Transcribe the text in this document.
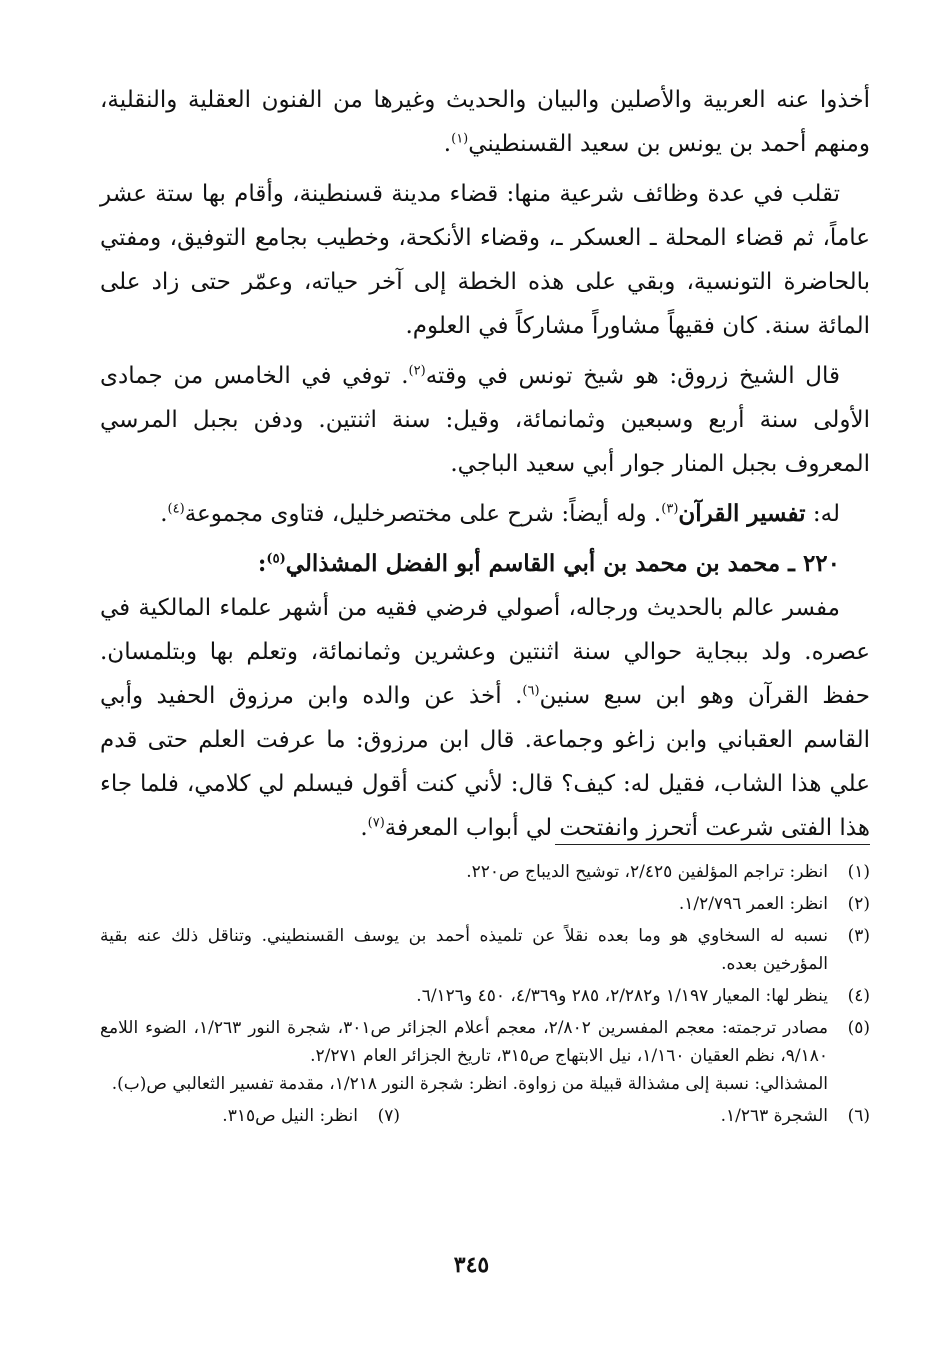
أخذوا عنه العربية والأصلين والبيان والحديث وغيرها من الفنون العقلية والنقلية، ومنهم أحمد بن يونس بن سعيد القسنطيني$^{(١)}$.

تقلب في عدة وظائف شرعية منها: قضاء مدينة قسنطينة، وأقام بها ستة عشر عاماً، ثم قضاء المحلة ـ العسكر ـ، وقضاء الأنكحة، وخطيب بجامع التوفيق، ومفتي بالحاضرة التونسية، وبقي على هذه الخطة إلى آخر حياته، وعمّر حتى زاد على المائة سنة. كان فقيهاً مشاوراً مشاركاً في العلوم.

قال الشيخ زروق: هو شيخ تونس في وقته$^{(٢)}$. توفي في الخامس من جمادى الأولى سنة أربع وسبعين وثمانمائة، وقيل: سنة اثنتين. ودفن بجبل المرسي المعروف بجبل المنار جوار أبي سعيد الباجي.

له: تفسير القرآن$^{(٣)}$. وله أيضاً: شرح على مختصرخليل، فتاوى مجموعة$^{(٤)}$.

٢٢٠ ـ محمد بن محمد بن أبي القاسم أبو الفضل المشذالي$^{(٥)}$:

مفسر عالم بالحديث ورجاله، أصولي فرضي فقيه من أشهر علماء المالكية في عصره. ولد ببجاية حوالي سنة اثنتين وعشرين وثمانمائة، وتعلم بها وبتلمسان. حفظ القرآن وهو ابن سبع سنين$^{(٦)}$. أخذ عن والده وابن مرزوق الحفيد وأبي القاسم العقباني وابن زاغو وجماعة. قال ابن مرزوق: ما عرفت العلم حتى قدم علي هذا الشاب، فقيل له: كيف؟ قال: لأني كنت أقول فيسلم لي كلامي، فلما جاء هذا الفتى شرعت أتحرز وانفتحت لي أبواب المعرفة$^{(٧)}$.

(١)
انظر: تراجم المؤلفين ٢/٤٢٥، توشيح الديباج ص٢٢٠.
(٢)
انظر: العمر ١/٢/٧٩٦.
(٣)
نسبه له السخاوي هو وما بعده نقلاً عن تلميذه أحمد بن يوسف القسنطيني. وتناقل ذلك عنه بقية المؤرخين بعده.
(٤)
ينظر لها: المعيار ١/١٩٧ و٢/٢٨٢، ٢٨٥ و٤/٣٦٩، ٤٥٠ و٦/١٢٦.
(٥)
مصادر ترجمته: معجم المفسرين ٢/٨٠٢، معجم أعلام الجزائر ص٣٠١، شجرة النور ١/٢٦٣، الضوء اللامع ٩/١٨٠، نظم العقيان ١/١٦٠، نيل الابتهاج ص٣١٥، تاريخ الجزائر العام ٢/٢٧١.
المشذالي: نسبة إلى مشذالة قبيلة من زواوة. انظر: شجرة النور ١/٢١٨، مقدمة تفسير الثعالبي ص(ب).
(٦)
الشجرة ١/٢٦٣.
(٧)
انظر: النيل ص٣١٥.
٣٤٥
